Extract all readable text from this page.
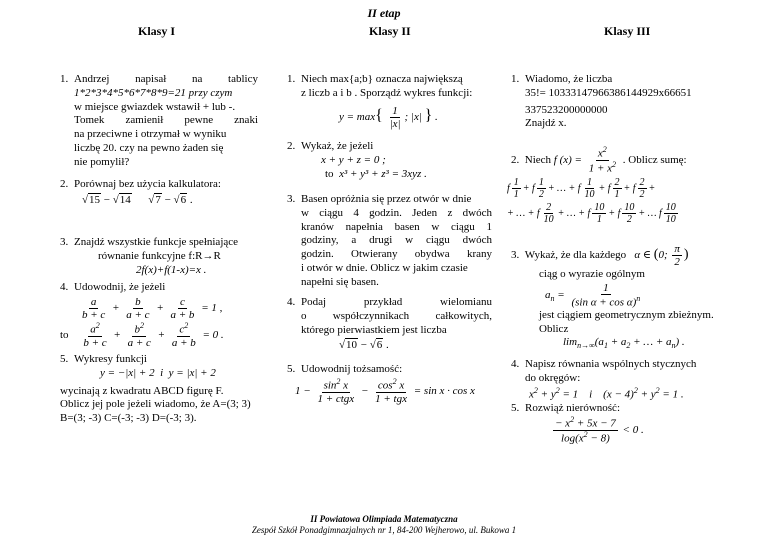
II etap
Klasy I	Klasy II	Klasy III
1. Andrzej napisał na tablicy
1*2*3*4*5*6*7*8*9=21 przy czym
w miejsce gwiazdek wstawił + lub -.
Tomek zamienił pewne znaki
na przeciwne i otrzymał w wyniku
liczbę 20. czy na pewno żaden się
nie pomylił?
2. Porównaj bez użycia kalkulatora:
√15 − √14      √7 − √6 .
3. Znajdź wszystkie funkcje spełniające
równanie funkcyjne f:R→R
2f(x)+f(1-x)=x .
4. Udowodnij, że jeżeli
$\frac{a}{b + c} + \frac{b}{a + c} + \frac{c}{a + b} = 1$ ,
to $\frac{a^2}{b + c} + \frac{b^2}{a + c} + \frac{c^2}{a + b} = 0$ .
5. Wykresy funkcji
y = −|x| + 2 i y = |x| + 2
wycinają z kwadratu ABCD figurę F.
Oblicz jej pole jeżeli wiadomo, że A=(3; 3)
B=(3; -3) C=(-3; -3) D=(-3; 3).
1. Niech max{a;b} oznacza największą
z liczb a i b . Sporządź wykres funkcji:
$y = \max\{ \frac{1}{|x|}$ ; |x| } .
2. Wykaż, że jeżeli
x + y + z = 0 ;
to x³ + y³ + z³ = 3xyz .
3. Basen opróżnia się przez otwór w dnie
w ciągu 4 godzin. Jeden z dwóch
kranów napełnia basen w ciągu 1
godziny, a drugi w ciągu dwóch
godzin. Otwierany obydwa krany
i otwór w dnie. Oblicz w jakim czasie
napełni się basen.
4. Podaj przykład wielomianu
o współczynnikach całkowitych,
którego pierwiastkiem jest liczba
√10 − √6 .
5. Udowodnij tożsamość:
$1 - \frac{\sin^2 x}{\text{1 + ctgx}} - \frac{\cos^2 x}{\text{1 + tgx}} = \sin x \cdot \cos x$
1. Wiadomo, że liczba
35!= 10333147966386144929x66651
337523200000000
Znajdź x.
2. Niech f $(x) = \frac{x^2}{1 + x^2}$ . Oblicz sumę:
f $\frac{1}{1} + f \frac{1}{2}$ + … + f $\frac{1}{10} + f \frac{2}{1} + f \frac{2}{2}$ +
+ … + f $\frac{2}{10}$ + … + f $\frac{10}{1} + f \frac{10}{2}$ + … f $\frac{10}{10}$
3. Wykaż, że dla każdego α ∈ (0; $\frac{\pi}{2}$ )
ciąg o wyrazie ogólnym
$a_n = \frac{1}{(\sin \alpha + \cos \alpha)^n}$
jest ciągiem geometrycznym zbieżnym.
Oblicz
$\lim_{n\to\infty}(a_1 + a_2$ + … + $a_n$) .
4. Napisz równania wspólnych stycznych
do okręgów:
$x^2 + y^2 = 1$    i    $(x - 4)^2 + y^2 = 1$ .
5. Rozwiąż nierówność:
$\frac{- x^2 + 5x - 7}{\log(x^2 - 8)} < 0$ .
II Powiatowa Olimpiada Matematyczna
Zespół Szkół Ponadgimnazjalnych nr 1, 84-200 Wejherowo, ul. Bukowa 1
